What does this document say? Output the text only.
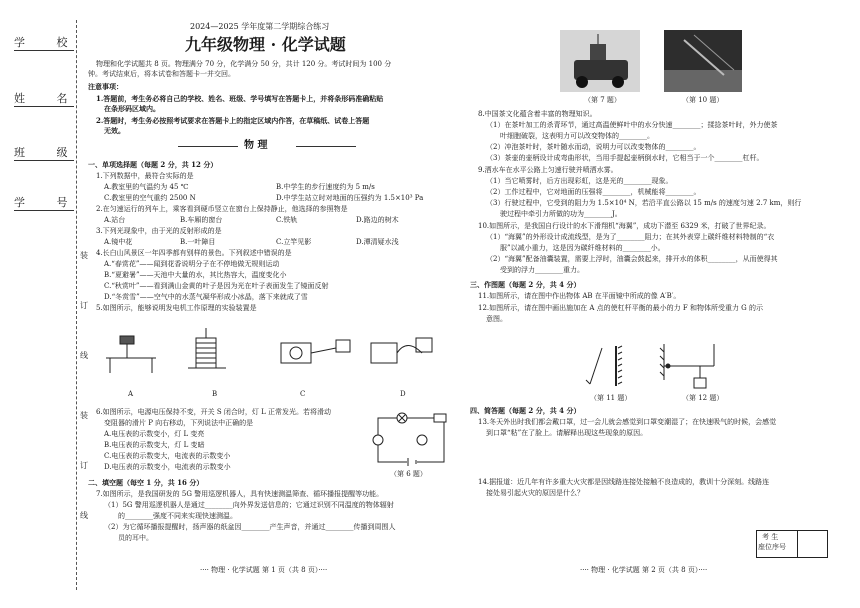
学 校
姓 名
班 级
学 号
装
订
线
装
订
线
2024—2025 学年度第二学期综合练习
九年级物理 · 化学试题
物理和化学试题共 8 页。物理满分 70 分，化学满分 50 分，共计 120 分。考试时间为 100 分
钟。考试结束后，将本试卷和答题卡一并交回。
注意事项：
1.答题前，考生务必将自己的学校、姓名、班级、学号填写在答题卡上，并将条形码准确粘贴
在条形码区域内。
2.答题时，考生务必按照考试要求在答题卡上的指定区域内作答，在草稿纸、试卷上答题
无效。
物 理
一、单项选择题（每题 2 分，共 12 分）
1.下列数据中，最符合实际的是
A.教室里的气温约为 45 ℃	B.中学生的步行速度约为 5 m/s
C.教室里的空气重约 2500 N	D.中学生站立时对地面的压强约为 1.5×10³ Pa
2.在匀速运行的列车上，乘客看到硬币竖立在窗台上保持静止，他选择的参照物是
A.站台	B.车厢的窗台	C.铁轨	D.路边的树木
3.下列光现象中，由于光的反射形成的是
A.镜中花	B.一叶障目	C.立竿见影	D.潭清疑水浅
4.长白山风景区一年四季都有别样的景色。下列叙述中错误的是
A.“春赏花”——闻到花香说明分子在不停地做无规则运动
B.“夏避暑”——天池中大量的水，其比热容大，温度变化小
C.“秋赏叶”——看到满山金黄的叶子是因为光在叶子表面发生了镜面反射
D.“冬赏雪”——空气中的水蒸气凝华形成小冰晶，落下来就成了雪
5.如图所示，能够说明发电机工作原理的实验装置是
A	B	C	D
6.如图所示，电源电压保持不变，开关 S 闭合时，灯 L 正常发光。若将滑动
变阻器的滑片 P 向右移动，下列说法中正确的是
A.电压表的示数变小，灯 L 变亮
B.电压表的示数变大，灯 L 变暗
C.电压表的示数变大，电流表的示数变小
D.电压表的示数变小，电流表的示数变小
（第 6 题）
二、填空题（每空 1 分，共 16 分）
7.如图所示，是我国研发的 5G 警用巡逻机器人，具有快速测温筛查、循环播报提醒等功能。
（1）5G 警用巡逻机器人是通过________向外界发送信息的；它通过识别不同温度的物体辐射
的________强度不同来实现快速测温。
（2）为它循环播报提醒时，扬声器的纸盆因________产生声音，并通过________传播到周围人
员的耳中。
···· 物理 · 化学试题 第 1 页（共 8 页）····
（第 7 题）	（第 10 题）
8.中国茶文化蕴含着丰富的物理知识。
（1）在茶叶加工的杀青环节，通过高温使鲜叶中的水分快速________；揉捻茶叶时，外力使茶
叶细胞破裂，这表明力可以改变物体的________。
（2）冲泡茶叶时，茶叶随水而动，说明力可以改变物体的________。
（3）茶壶的壶柄设计成弯曲形状，当用手提起壶柄倒水时，它相当于一个________杠杆。
9.洒水车在水平公路上匀速行驶并喷洒水雾。
（1）当它喷雾时，后方出现彩虹，这是光的________现象。
（2）工作过程中，它对地面的压强将________，机械能将________。
（3）行驶过程中，它受到的阻力为 1.5×10⁴ N，若沿平直公路以 15 m/s 的速度匀速 2.7 km，则行
驶过程中牵引力所做的功为________J。
10.如图所示，是我国自行设计的水下滑翔机“海翼”，成功下潜至 6329 米，打破了世界纪录。
（1）“海翼”的外形设计成流线型，是为了________阻力；在其外表穿上碳纤维材料特制的“衣
服”以减小重力，这是因为碳纤维材料的________小。
（2）“海翼”配备油囊装置，需要上浮时，油囊会鼓起来，排开水的体积________，从而使得其
受到的浮力________重力。
三、作图题（每题 2 分，共 4 分）
11.如图所示，请在图中作出物体 AB 在平面镜中所成的像 A′B′。
12.如图所示，请在图中画出施加在 A 点的使杠杆平衡的最小的力 F 和物体所受重力 G 的示
意图。
（第 11 题）	（第 12 题）
四、简答题（每题 2 分，共 4 分）
13.冬天外出时我们都会戴口罩，过一会儿就会感觉到口罩变潮湿了；在快速吸气的时候，会感觉
到口罩“粘”在了脸上。请解释出现这些现象的原因。
14.据报道：近几年有许多重大火灾都是因线路连接处接触不良造成的，教训十分深刻。线路连
接处易引起火灾的原因是什么？
考 生
座位序号
···· 物理 · 化学试题 第 2 页（共 8 页）····
